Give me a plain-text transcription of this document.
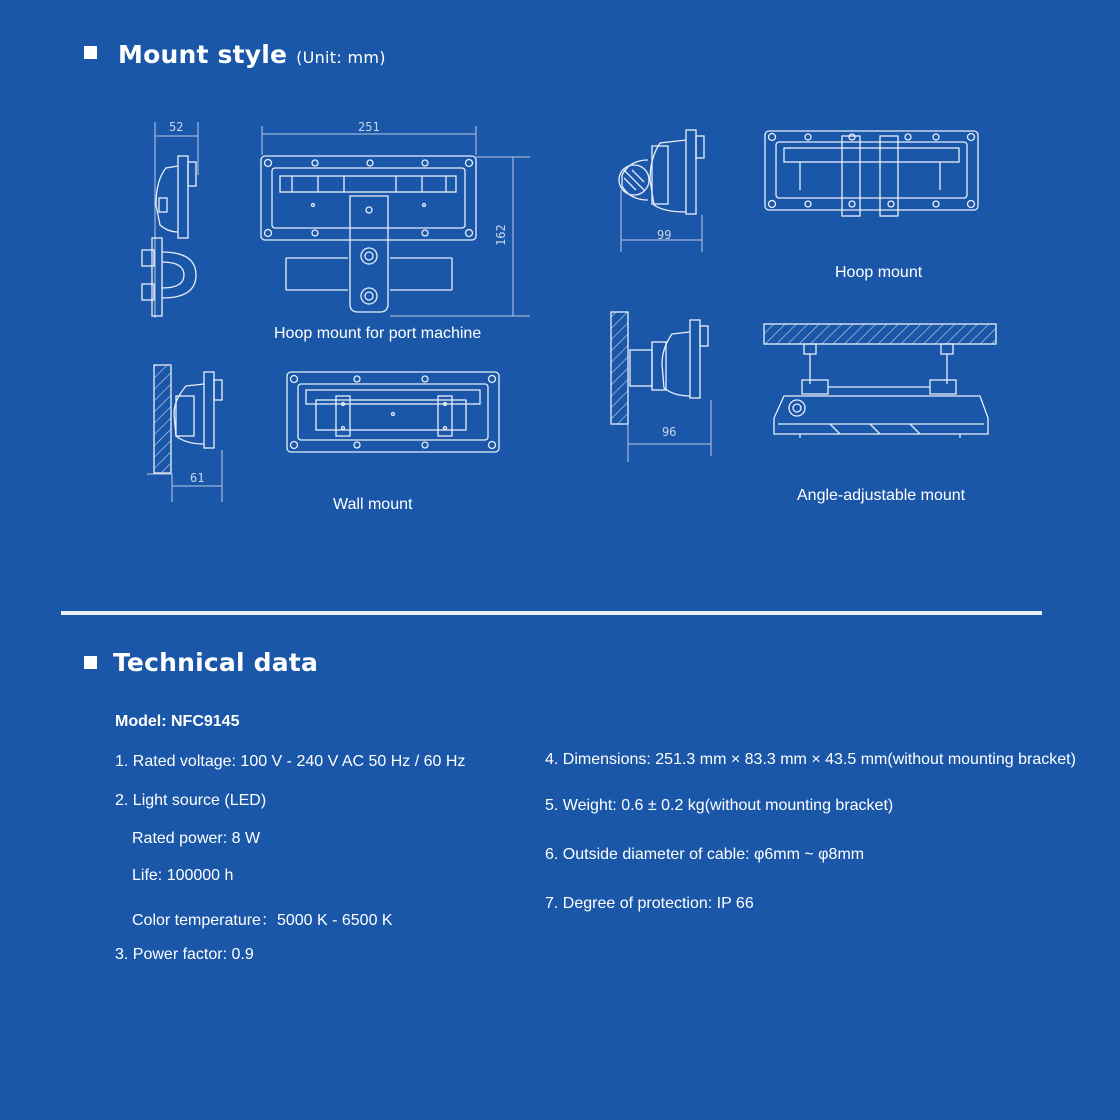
Mount style (Unit: mm)
52	251
162	99
61
96
Hoop mount for port machine
Hoop mount
Wall mount
Angle-adjustable mount
Technical data
Model: NFC9145
1. Rated voltage: 100 V - 240 V AC 50 Hz / 60 Hz
2. Light source (LED)
Rated power: 8 W
Life: 100000 h
Color temperature：5000 K - 6500 K
3. Power factor: 0.9
4. Dimensions: 251.3 mm × 83.3 mm × 43.5 mm(without mounting bracket)
5. Weight: 0.6 ± 0.2 kg(without mounting bracket)
6. Outside diameter of cable: φ6mm ~ φ8mm
7. Degree of protection: IP 66
